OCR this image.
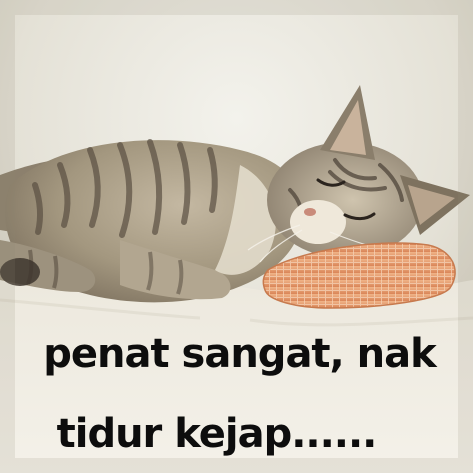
penat sangat, nak
tidur kejap......
